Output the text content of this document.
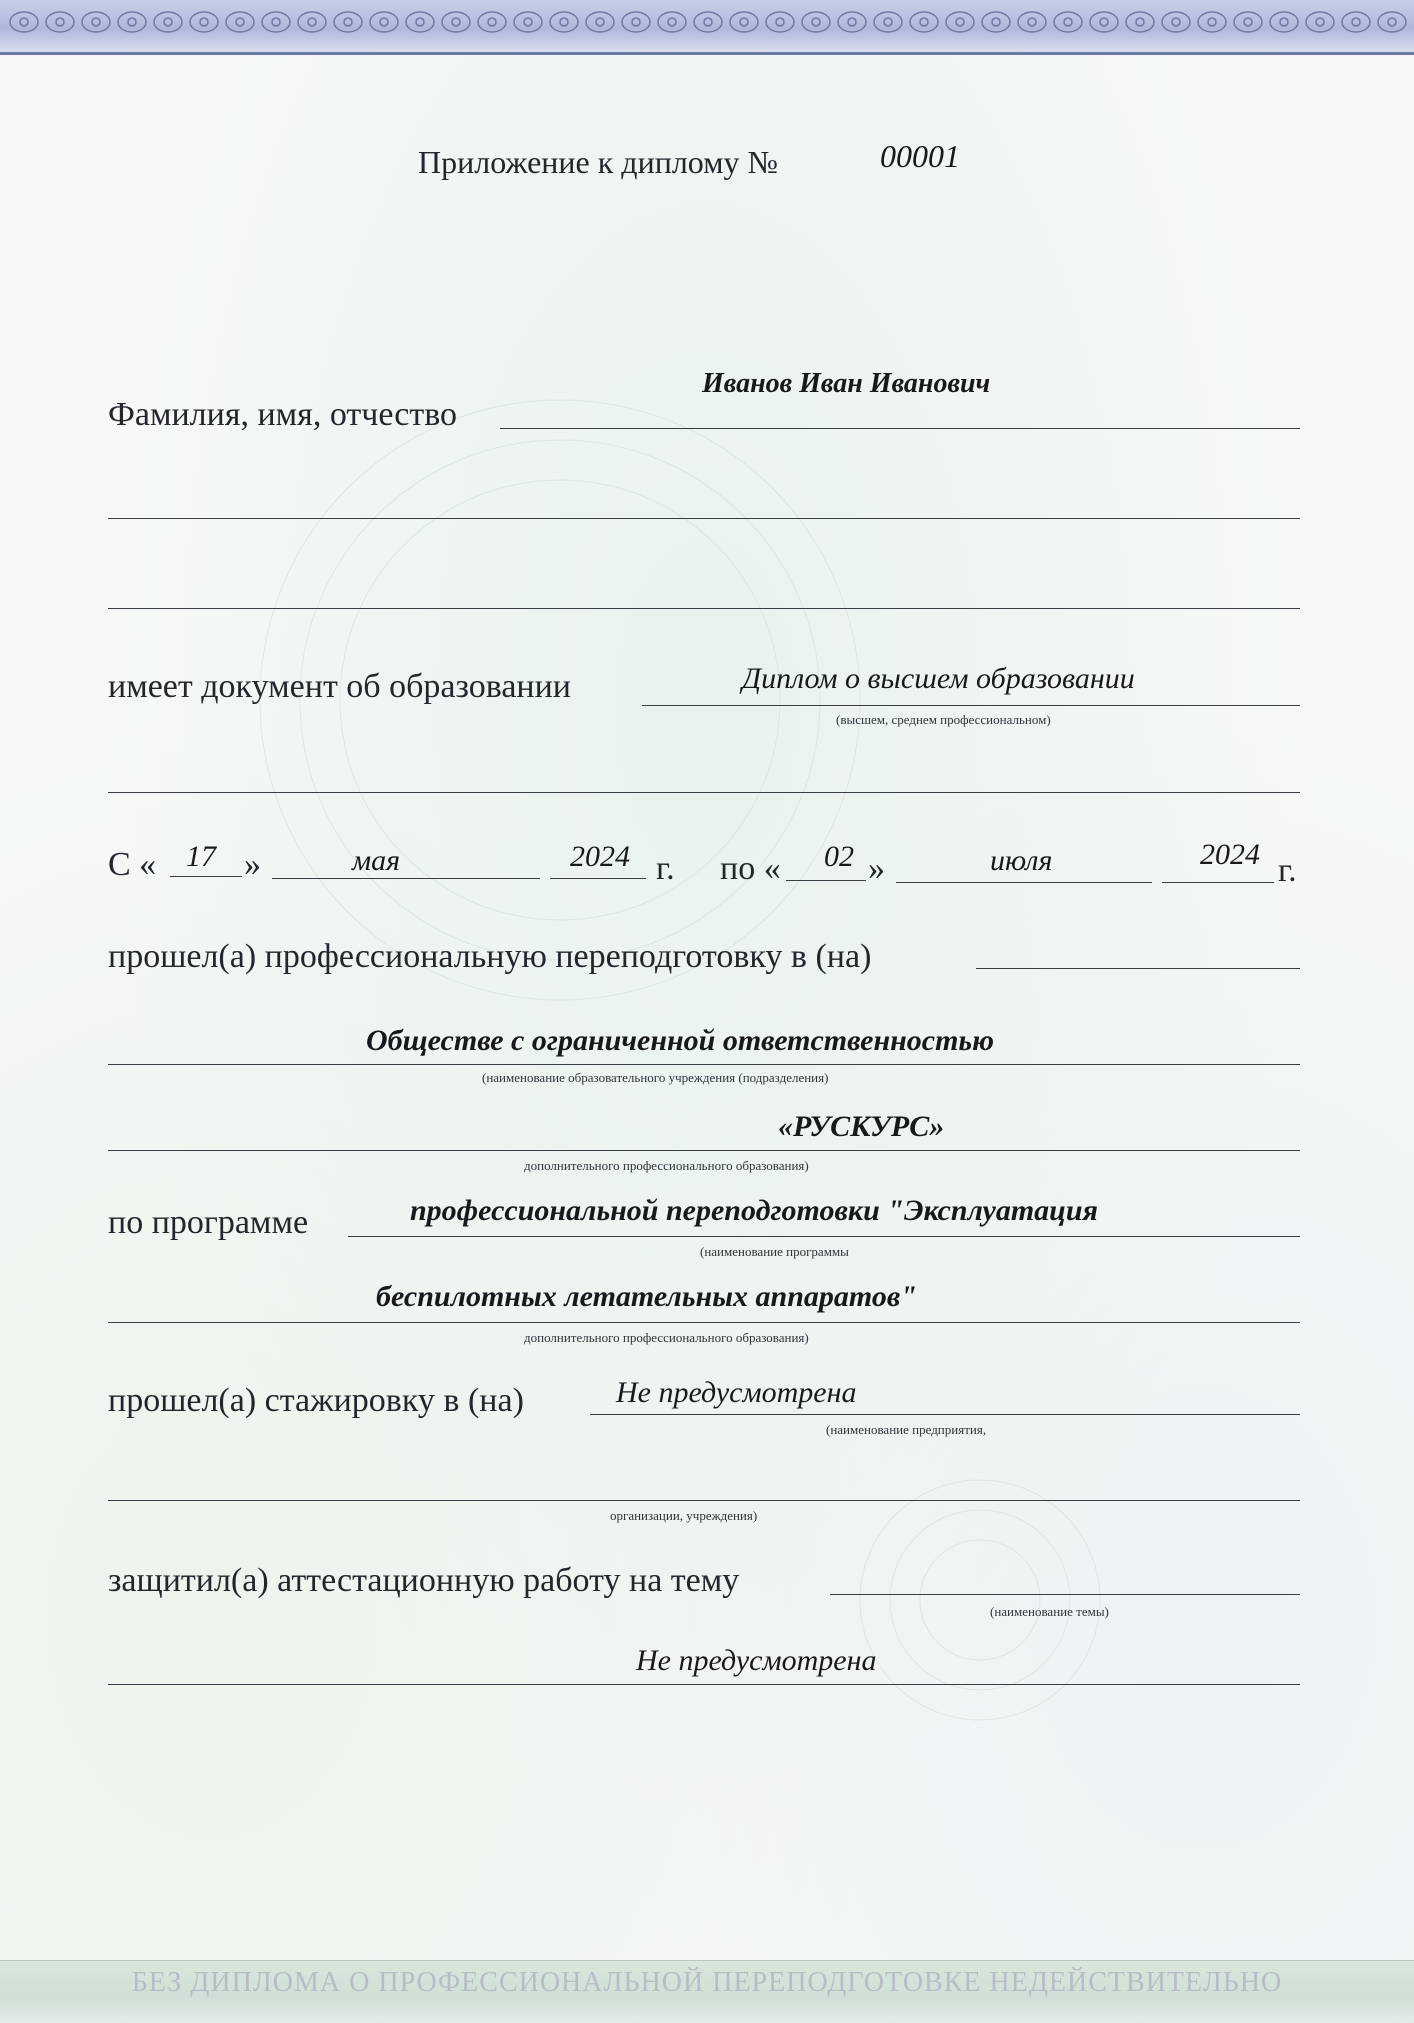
Приложение к диплому №	00001
Фамилия, имя, отчество
Иванов Иван Иванович
имеет документ об образовании	Диплом о высшем образовании
(высшем, среднем профессиональном)
С « 17 »	мая	2024 г. по « 02 »	июля	2024 г.
прошел(а) профессиональную переподготовку в (на)
Обществе с ограниченной ответственностью
(наименование образовательного учреждения (подразделения)
«РУСКУРС»
дополнительного профессионального образования)
по программе	профессиональной переподготовки "Эксплуатация
(наименование программы
беспилотных летательных аппаратов"
дополнительного профессионального образования)
прошел(а) стажировку в (на)	Не предусмотрена
(наименование предприятия,
организации, учреждения)
защитил(а) аттестационную работу на тему
(наименование темы)
Не предусмотрена
БЕЗ ДИПЛОМА О ПРОФЕССИОНАЛЬНОЙ ПЕРЕПОДГОТОВКЕ НЕДЕЙСТВИТЕЛЬНО
